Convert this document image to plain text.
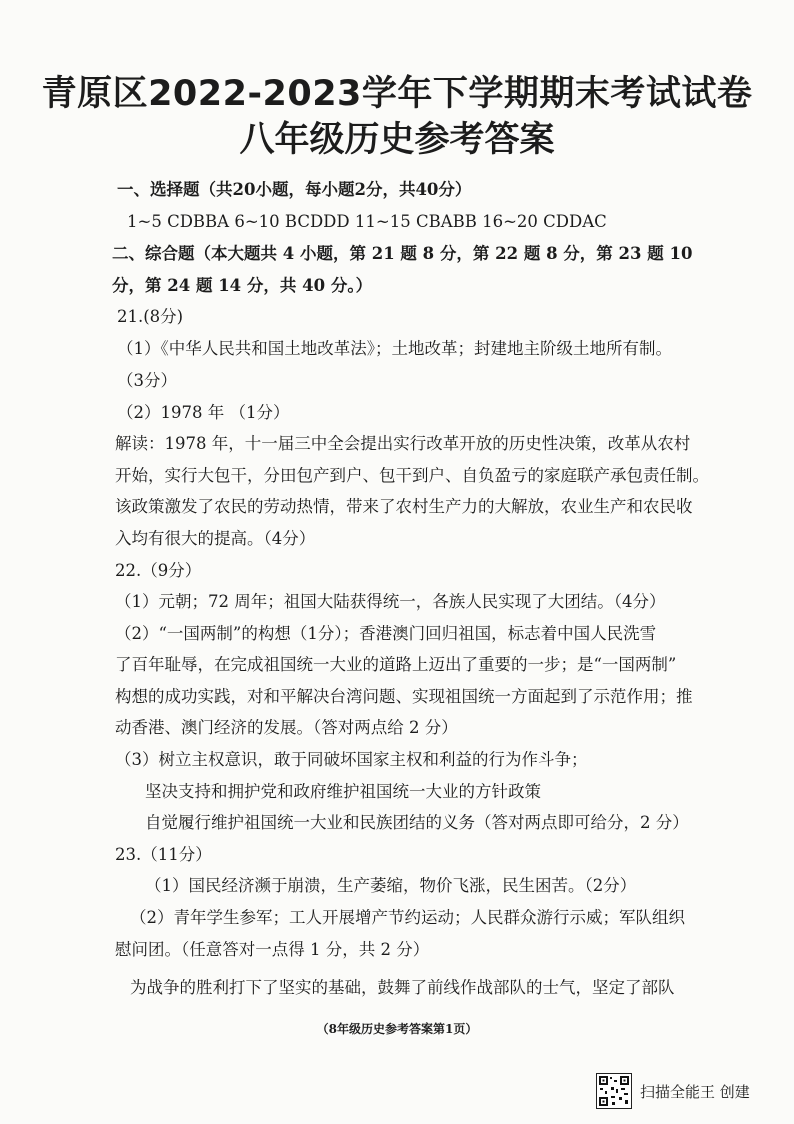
青原区2022-2023学年下学期期末考试试卷
八年级历史参考答案
一、选择题（共20小题，每小题2分，共40分）
1~5 CDBBA 6~10 BCDDD 11~15 CBABB 16~20 CDDAC
二、综合题（本大题共 4 小题，第 21 题 8 分，第 22 题 8 分，第 23 题 10
分，第 24 题 14 分，共 40 分。）
21.(8分)
（1）《中华人民共和国土地改革法》；土地改革；封建地主阶级土地所有制。
（3分）
（2）1978 年 （1分）
解读：1978 年，十一届三中全会提出实行改革开放的历史性决策，改革从农村
开始，实行大包干，分田包产到户、包干到户、自负盈亏的家庭联产承包责任制。
该政策激发了农民的劳动热情，带来了农村生产力的大解放，农业生产和农民收
入均有很大的提高。（4分）
22.（9分）
（1）元朝；72 周年；祖国大陆获得统一，各族人民实现了大团结。（4分）
（2）“一国两制”的构想（1分）；香港澳门回归祖国，标志着中国人民洗雪
了百年耻辱，在完成祖国统一大业的道路上迈出了重要的一步；是“一国两制”
构想的成功实践，对和平解决台湾问题、实现祖国统一方面起到了示范作用；推
动香港、澳门经济的发展。（答对两点给 2 分）
（3）树立主权意识，敢于同破坏国家主权和利益的行为作斗争；
坚决支持和拥护党和政府维护祖国统一大业的方针政策
自觉履行维护祖国统一大业和民族团结的义务（答对两点即可给分，2 分）
23.（11分）
（1）国民经济濒于崩溃，生产萎缩，物价飞涨，民生困苦。（2分）
（2）青年学生参军；工人开展增产节约运动；人民群众游行示威；军队组织
慰问团。（任意答对一点得 1 分，共 2 分）
为战争的胜利打下了坚实的基础，鼓舞了前线作战部队的士气，坚定了部队
（8年级历史参考答案第1页）
扫描全能王 创建
